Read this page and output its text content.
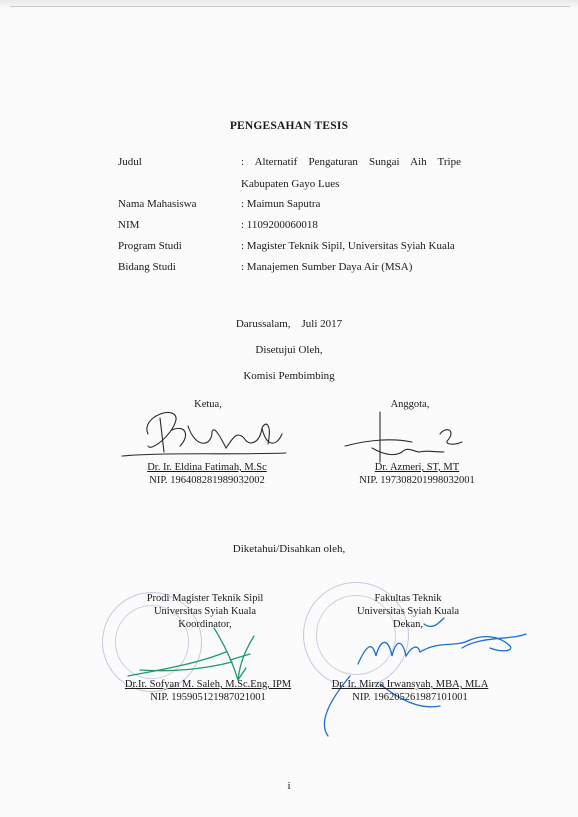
PENGESAHAN TESIS
Judul	: Alternatif Pengaturan Sungai Aih Tripe Kabupaten Gayo Lues
Nama Mahasiswa	: Maimun Saputra
NIM	: 1109200060018
Program Studi	: Magister Teknik Sipil, Universitas Syiah Kuala
Bidang Studi	: Manajemen Sumber Daya Air (MSA)
Darussalam,    Juli 2017
Disetujui Oleh,
Komisi Pembimbing
Ketua,	Anggota,
Dr. Ir. Eldina Fatimah, M.Sc
NIP. 196408281989032002
Dr. Azmeri, ST, MT
NIP. 197308201998032001
Diketahui/Disahkan oleh,
Prodi Magister Teknik Sipil
Universitas Syiah Kuala
Koordinator,
Fakultas Teknik
Universitas Syiah Kuala
Dekan,
Dr.Ir. Sofyan M. Saleh, M.Sc.Eng, IPM
NIP. 195905121987021001
Dr. Ir. Mirza Irwansyah, MBA, MLA
NIP. 196205261987101001
i
